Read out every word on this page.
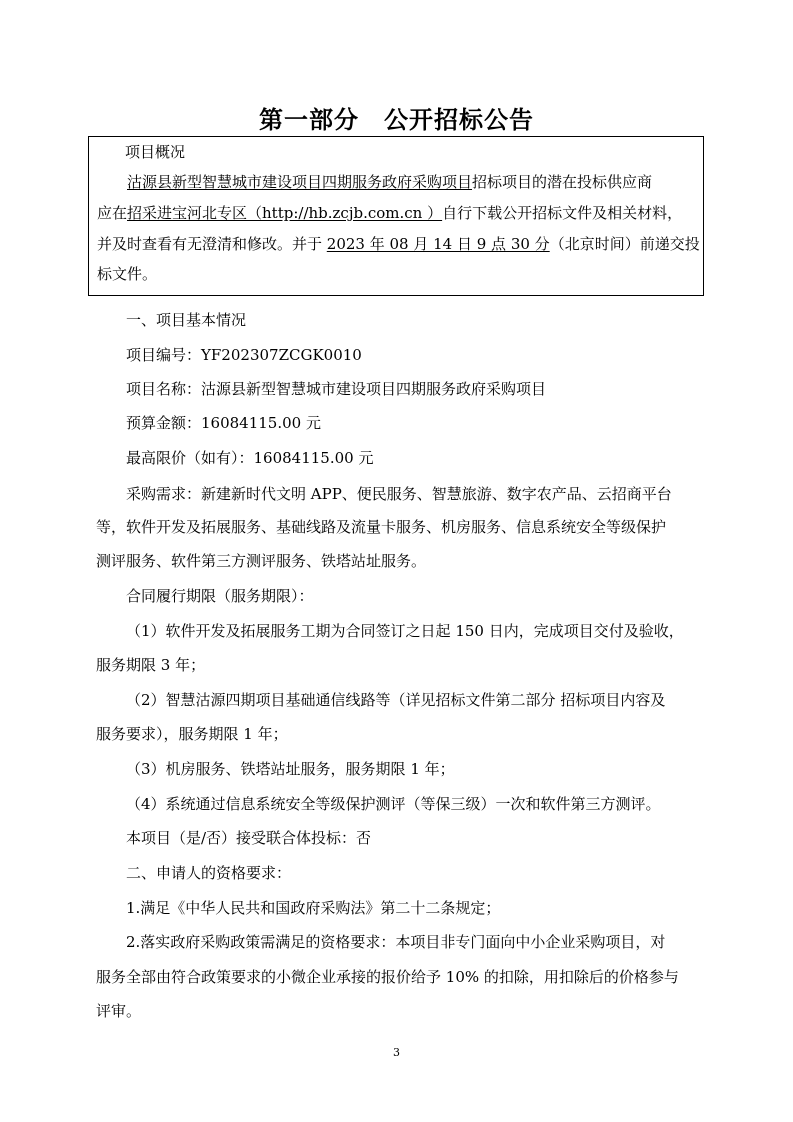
第一部分　公开招标公告
项目概况
沽源县新型智慧城市建设项目四期服务政府采购项目招标项目的潜在投标供应商
应在招采进宝河北专区（http://hb.zcjb.com.cn ）自行下载公开招标文件及相关材料，
并及时查看有无澄清和修改。并于 2023 年 08 月 14 日 9 点 30 分（北京时间）前递交投
标文件。
一、项目基本情况
项目编号：YF202307ZCGK0010
项目名称：沽源县新型智慧城市建设项目四期服务政府采购项目
预算金额：16084115.00 元
最高限价（如有）：16084115.00 元
采购需求：新建新时代文明 APP、便民服务、智慧旅游、数字农产品、云招商平台
等，软件开发及拓展服务、基础线路及流量卡服务、机房服务、信息系统安全等级保护
测评服务、软件第三方测评服务、铁塔站址服务。
合同履行期限（服务期限）：
（1）软件开发及拓展服务工期为合同签订之日起 150 日内，完成项目交付及验收，
服务期限 3 年；
（2）智慧沽源四期项目基础通信线路等（详见招标文件第二部分 招标项目内容及
服务要求），服务期限 1 年；
（3）机房服务、铁塔站址服务，服务期限 1 年；
（4）系统通过信息系统安全等级保护测评（等保三级）一次和软件第三方测评。
本项目（是/否）接受联合体投标：否
二、申请人的资格要求：
1.满足《中华人民共和国政府采购法》第二十二条规定；
2.落实政府采购政策需满足的资格要求：本项目非专门面向中小企业采购项目，对
服务全部由符合政策要求的小微企业承接的报价给予 10% 的扣除，用扣除后的价格参与
评审。
3
